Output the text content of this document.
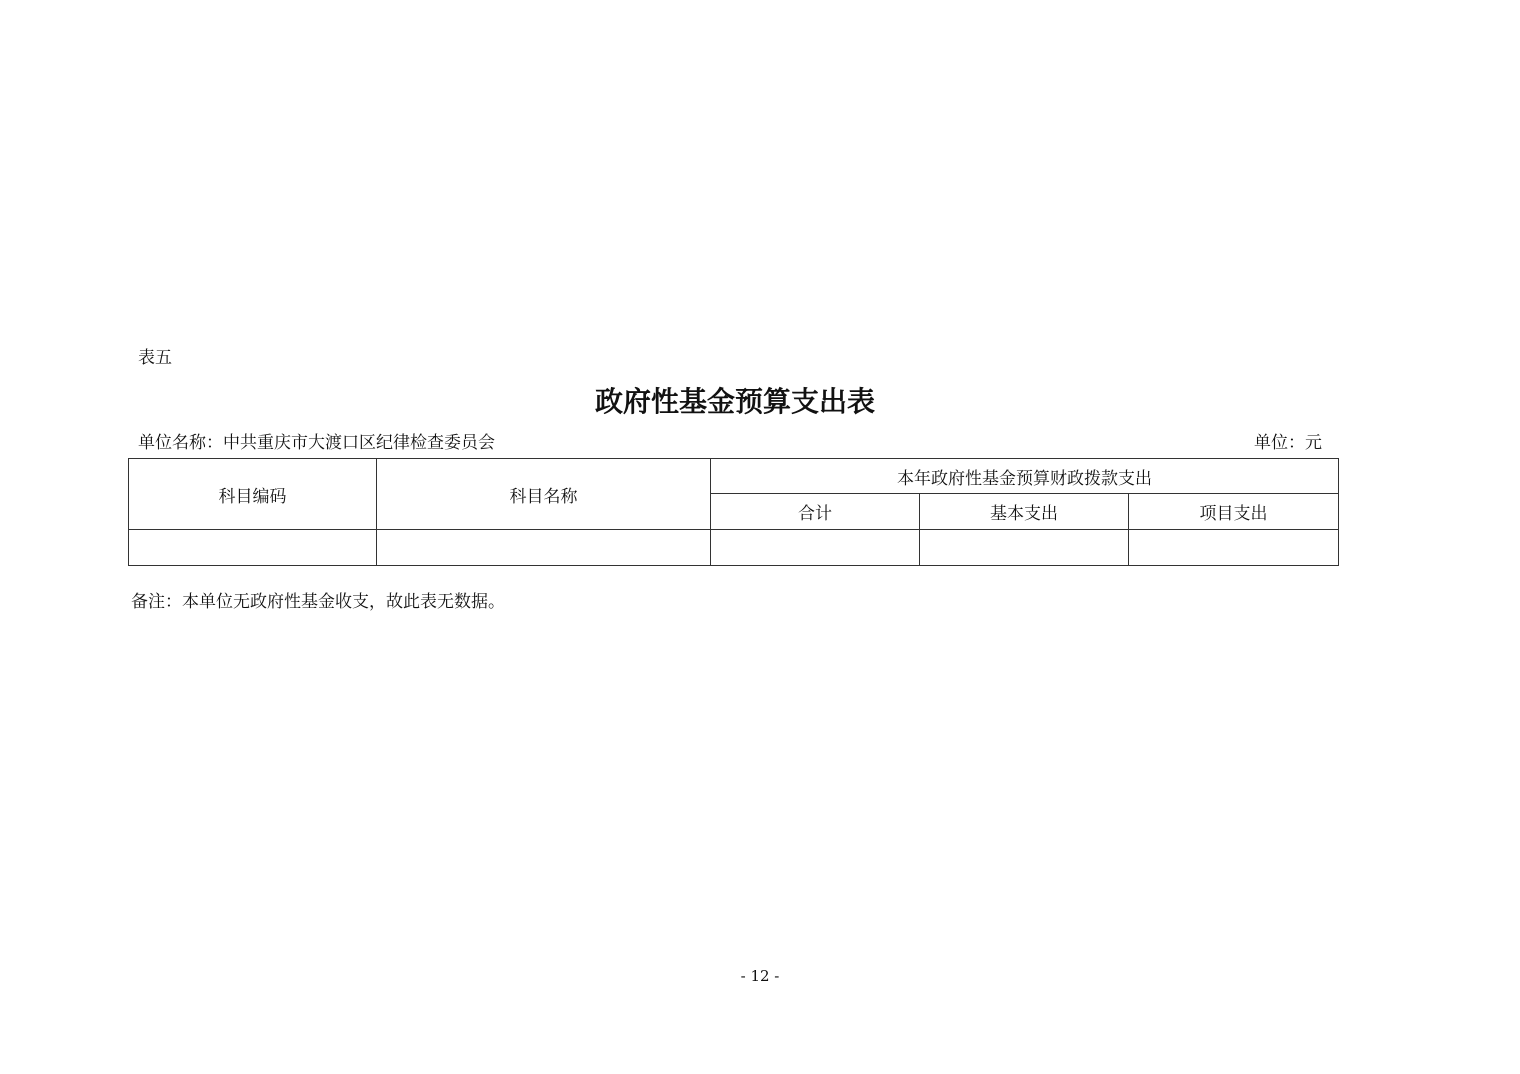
表五
政府性基金预算支出表
单位名称：中共重庆市大渡口区纪律检查委员会	单位：元
科目编码	科目名称	本年政府性基金预算财政拨款支出		
		合计	基本支出	项目支出

备注：本单位无政府性基金收支，故此表无数据。
- 12 -
